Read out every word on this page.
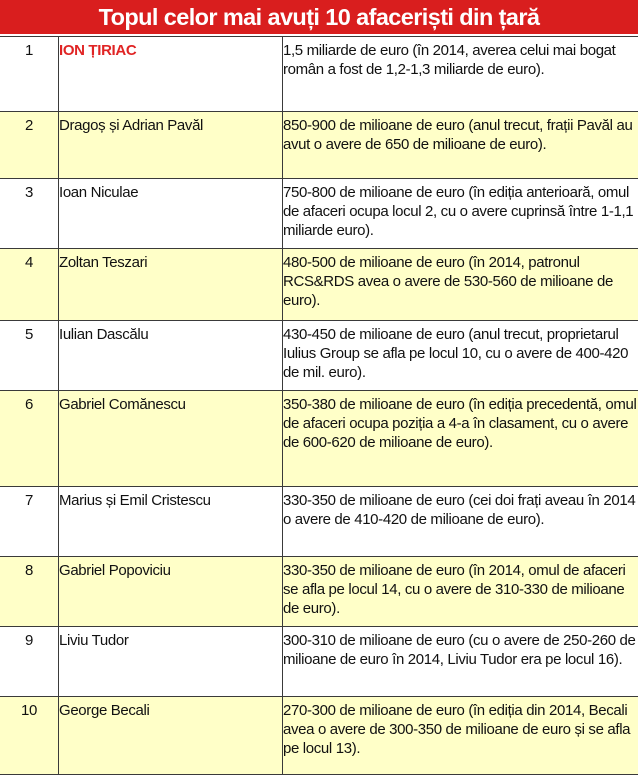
Topul celor mai avuți 10 afaceriști din țară
1	ION ȚIRIAC	1,5 miliarde de euro (în 2014, averea celui mai bogat român a fost de 1,2-1,3 miliarde de euro).
2	Dragoș și Adrian Pavăl	850-900 de milioane de euro (anul trecut, frații Pavăl au avut o avere de 650 de milioane de euro).
3	Ioan Niculae	750-800 de milioane de euro (în ediția anterioară, omul de afaceri ocupa locul 2, cu o avere cuprinsă între 1-1,1 miliarde euro).
4	Zoltan Teszari	480-500 de milioane de euro (în 2014, patronul RCS&RDS avea o avere de 530-560 de milioane de euro).
5	Iulian Dascălu	430-450 de milioane de euro (anul trecut, proprietarul Iulius Group se afla pe locul 10, cu o avere de 400-420 de mil. euro).
6	Gabriel Comănescu	350-380 de milioane de euro (în ediția precedentă, omul de afaceri ocupa poziția a 4-a în clasament, cu o avere de 600-620 de milioane de euro).
7	Marius și Emil Cristescu	330-350 de milioane de euro (cei doi frați aveau în 2014 o avere de 410-420 de milioane de euro).
8	Gabriel Popoviciu	330-350 de milioane de euro (în 2014, omul de afaceri se afla pe locul 14, cu o avere de 310-330 de milioane de euro).
9	Liviu Tudor	300-310 de milioane de euro (cu o avere de 250-260 de milioane de euro în 2014, Liviu Tudor era pe locul 16).
10	George Becali	270-300 de milioane de euro (în ediția din 2014, Becali avea o avere de 300-350 de milioane de euro și se afla pe locul 13).
